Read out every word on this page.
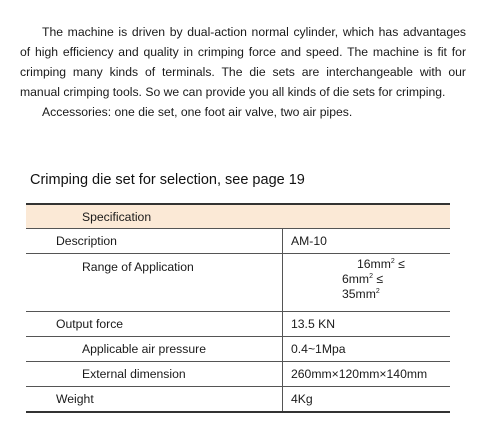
The machine is driven by dual-action normal cylinder, which has advantages of high efficiency and quality in crimping force and speed. The machine is fit for crimping many kinds of terminals. The die sets are interchangeable with our manual crimping tools. So we can provide you all kinds of die sets for crimping.

Accessories: one die set, one foot air valve, two air pipes.

Crimping die set for selection, see page 19
Specification	
Description	AM-10
Range of Application	$16mm^2$ ≤
$6mm^2$ ≤
$35mm^2$

Output force	13.5 KN
Applicable air pressure	0.4~1Mpa
External dimension	260mm×120mm×140mm
Weight	4Kg
